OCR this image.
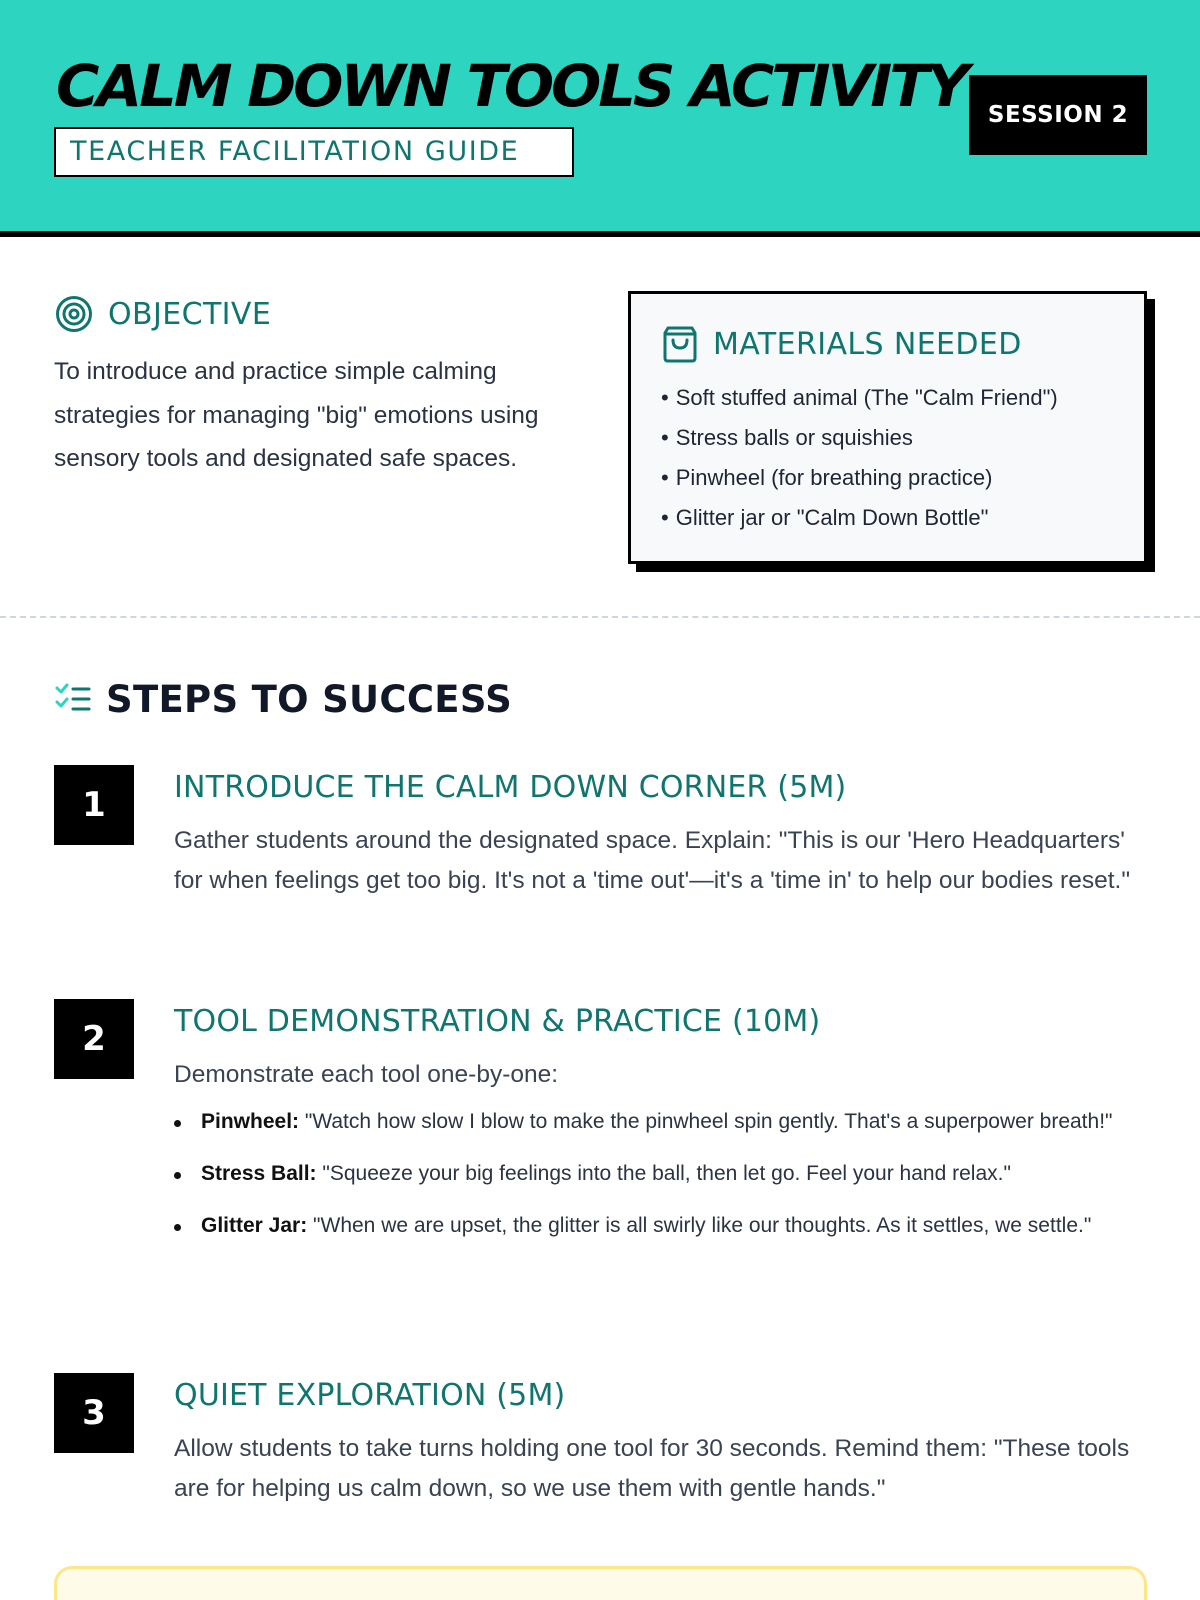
CALM DOWN TOOLS ACTIVITY
TEACHER FACILITATION GUIDE
SESSION 2
OBJECTIVE

To introduce and practice simple calming strategies for managing "big" emotions using sensory tools and designated safe spaces.

MATERIALS NEEDED
• Soft stuffed animal (The "Calm Friend")
• Stress balls or squishies
• Pinwheel (for breathing practice)
• Glitter jar or "Calm Down Bottle"
STEPS TO SUCCESS
1	INTRODUCE THE CALM DOWN CORNER (5M)

Gather students around the designated space. Explain: "This is our 'Hero Headquarters' for when feelings get too big. It's not a 'time out'—it's a 'time in' to help our bodies reset."

2	TOOL DEMONSTRATION & PRACTICE (10M)

Demonstrate each tool one-by-one:

Pinwheel: "Watch how slow I blow to make the pinwheel spin gently. That's a superpower breath!"
Stress Ball: "Squeeze your big feelings into the ball, then let go. Feel your hand relax."
Glitter Jar: "When we are upset, the glitter is all swirly like our thoughts. As it settles, we settle."
3	QUIET EXPLORATION (5M)

Allow students to take turns holding one tool for 30 seconds. Remind them: "These tools are for helping us calm down, so we use them with gentle hands."
